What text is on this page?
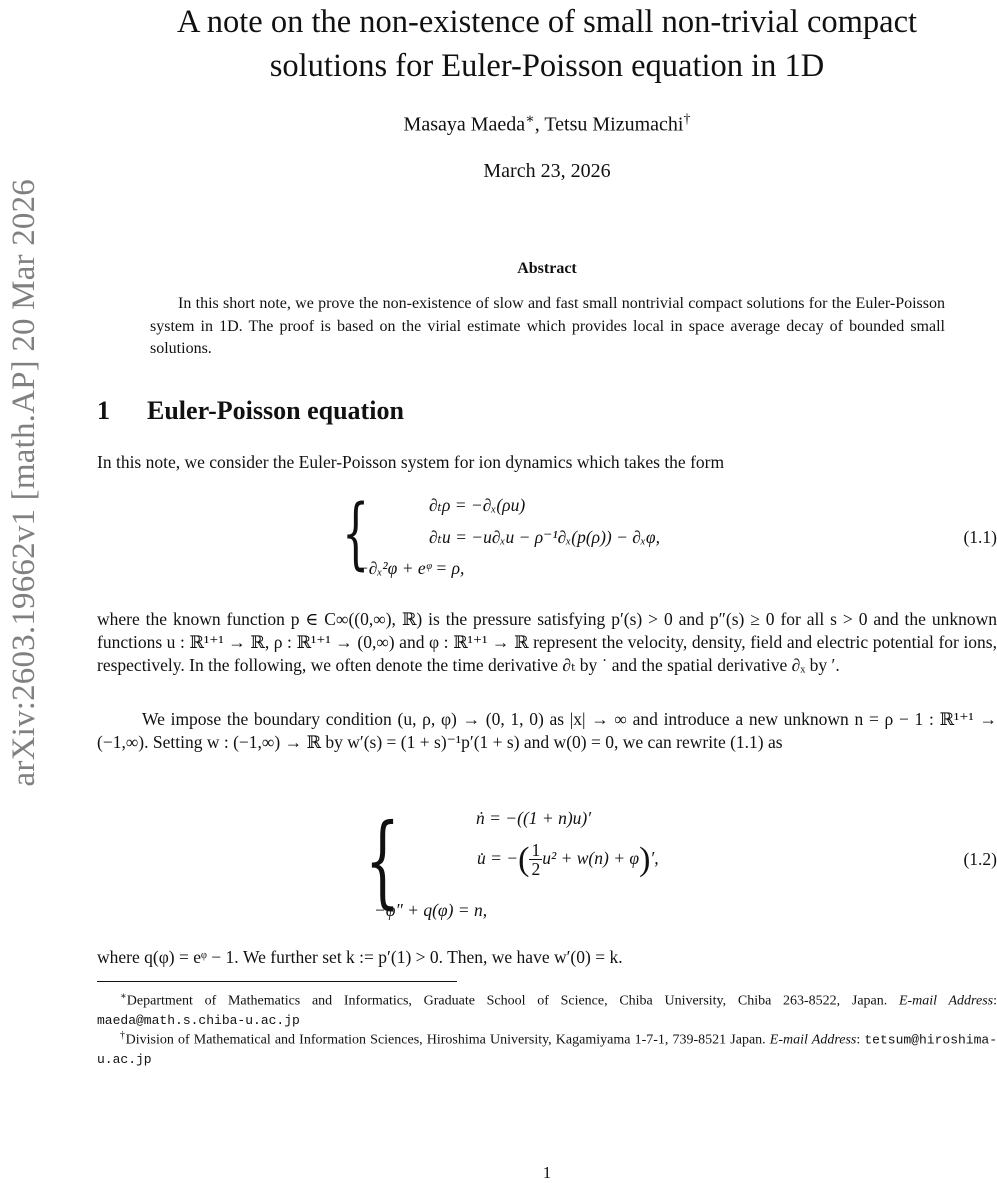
arXiv:2603.19662v1 [math.AP] 20 Mar 2026
A note on the non-existence of small non-trivial compact
solutions for Euler-Poisson equation in 1D
Masaya Maeda∗, Tetsu Mizumachi†
March 23, 2026
Abstract

In this short note, we prove the non-existence of slow and fast small nontrivial compact solutions for the Euler-Poisson system in 1D. The proof is based on the virial estimate which provides local in space average decay of bounded small solutions.

1 Euler-Poisson equation

In this note, we consider the Euler-Poisson system for ion dynamics which takes the form

{	∂ₜρ = −∂ₓ(ρu)
∂ₜu = −u∂ₓu − ρ⁻¹∂ₓ(p(ρ)) − ∂ₓφ,
−∂ₓ²φ + eᵠ = ρ,
(1.1)

where the known function p ∈ C∞((0,∞), ℝ) is the pressure satisfying p′(s) > 0 and p″(s) ≥ 0 for all s > 0 and the unknown functions u : ℝ¹⁺¹ → ℝ, ρ : ℝ¹⁺¹ → (0,∞) and φ : ℝ¹⁺¹ → ℝ represent the velocity, density, field and electric potential for ions, respectively. In the following, we often denote the time derivative ∂ₜ by ˙ and the spatial derivative ∂ₓ by ′.

We impose the boundary condition (u, ρ, φ) → (0, 1, 0) as |x| → ∞ and introduce a new unknown n = ρ − 1 : ℝ¹⁺¹ → (−1,∞). Setting w : (−1,∞) → ℝ by w′(s) = (1 + s)⁻¹p′(1 + s) and w(0) = 0, we can rewrite (1.1) as

{	ṅ = −((1 + n)u)′
u̇ = −( $\frac{1}{2} u^2 + w(n) + \varphi)'$,
−φ″ + q(φ) = n,
(1.2)

where q(φ) = eᵠ − 1. We further set k := p′(1) > 0. Then, we have w′(0) = k.

∗Department of Mathematics and Informatics, Graduate School of Science, Chiba University, Chiba 263-8522, Japan. E-mail Address: maeda@math.s.chiba-u.ac.jp

†Division of Mathematical and Information Sciences, Hiroshima University, Kagamiyama 1-7-1, 739-8521 Japan. E-mail Address: tetsum@hiroshima-u.ac.jp

1
